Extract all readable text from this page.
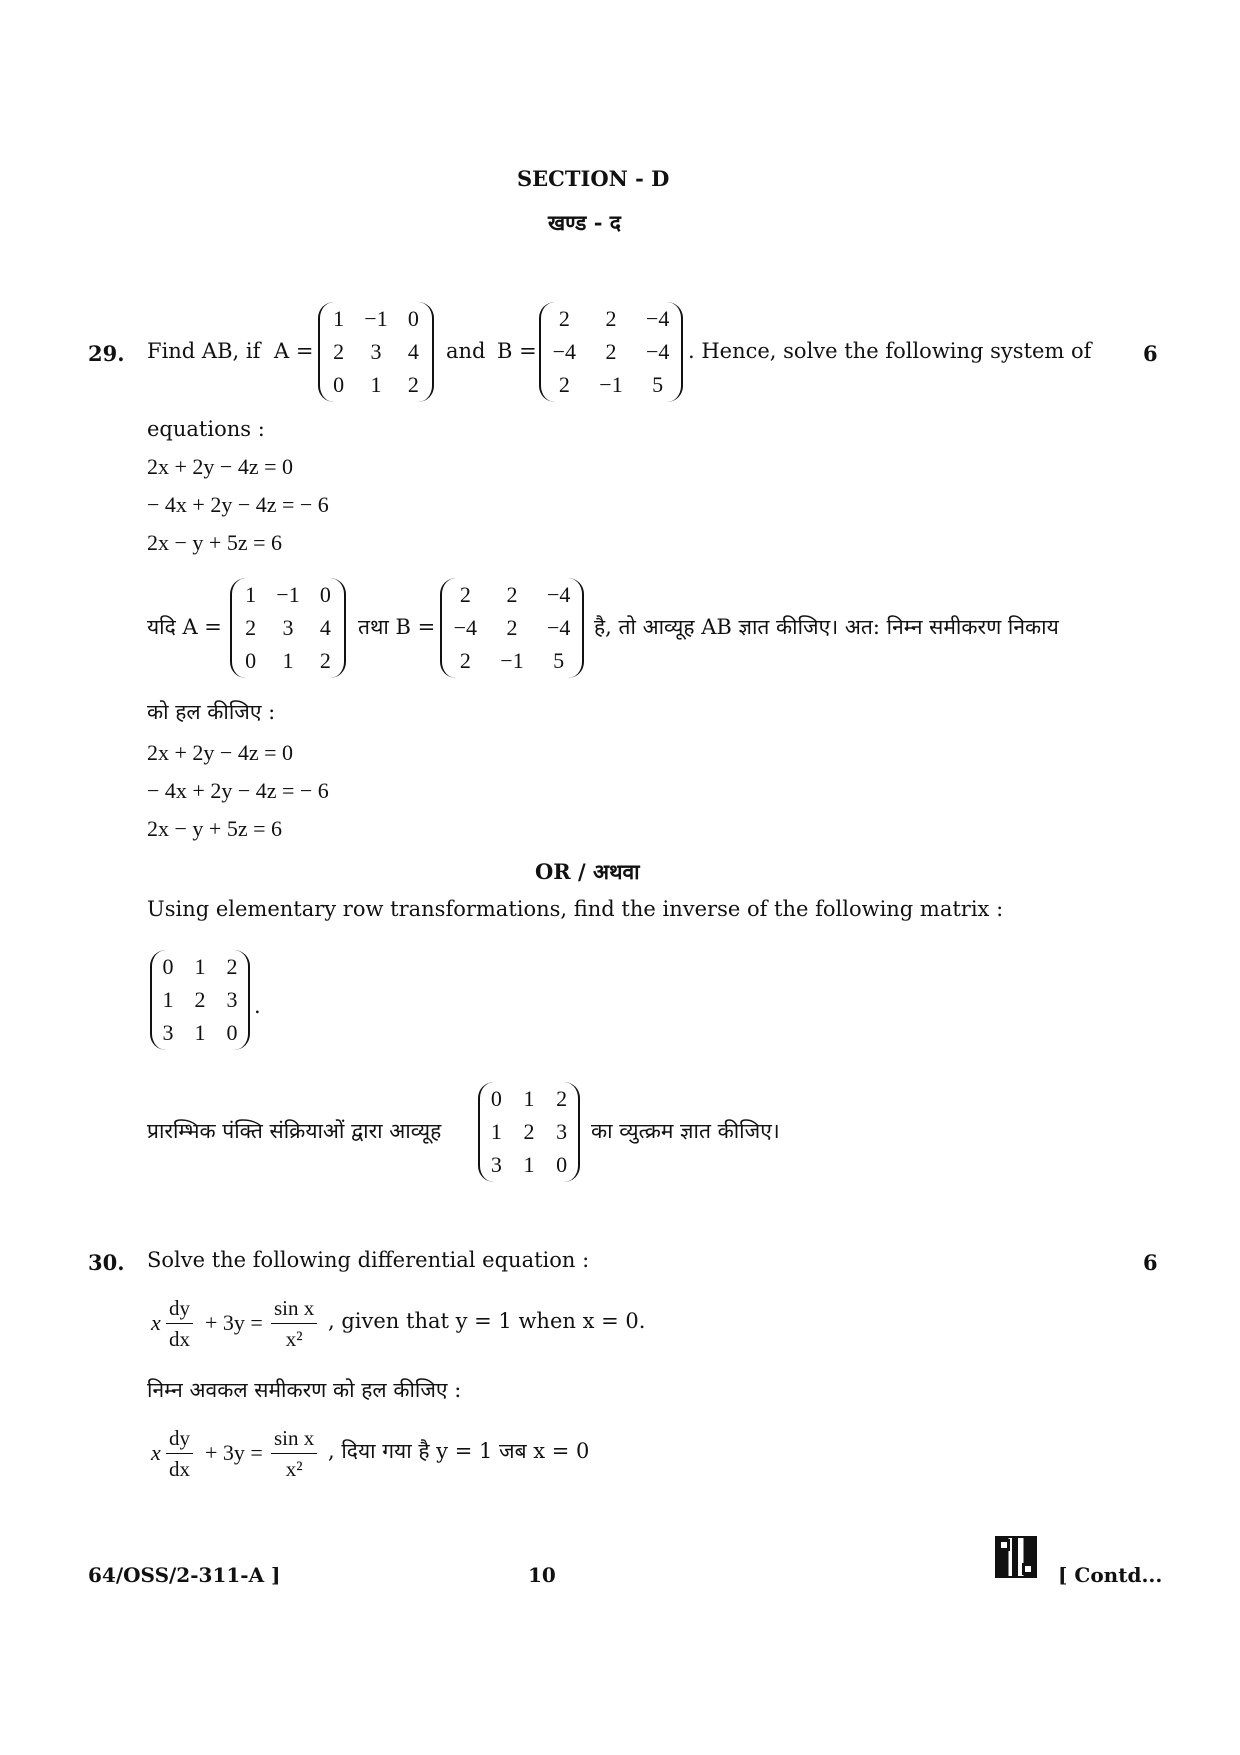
SECTION - D
खण्ड - द
29.	6
Find AB, if A =
1 −1 0
2 3 4
0 1 2
and B =
2 2 −4
−4 2 −4
2 −1 5
. Hence, solve the following system of
equations :
2x + 2y − 4z = 0
− 4x + 2y − 4z = − 6
2x − y + 5z = 6
यदि A =
1 −1 0
2 3 4
0 1 2
तथा B =
2 2 −4
−4 2 −4
2 −1 5
है, तो आव्यूह AB ज्ञात कीजिए। अत: निम्न समीकरण निकाय
को हल कीजिए :
2x + 2y − 4z = 0
− 4x + 2y − 4z = − 6
2x − y + 5z = 6
OR / अथवा
Using elementary row transformations, find the inverse of the following matrix :
0 1 2
1 2 3
3 1 0
.
प्रारम्भिक पंक्ति संक्रियाओं द्वारा आव्यूह
0 1 2
1 2 3
3 1 0
का व्युत्क्रम ज्ञात कीजिए।
30.	6
Solve the following differential equation :
x $\frac{dy}{dx} + 3y = \frac{\text{sin x}}{\text{x²}}$ , given that y = 1 when x = 0.
निम्न अवकल समीकरण को हल कीजिए :
x $\frac{dy}{dx} + 3y = \frac{\text{sin x}}{\text{x²}}$ , दिया गया है y = 1 जब x = 0
64/OSS/2-311-A ]	10	[ Contd...
